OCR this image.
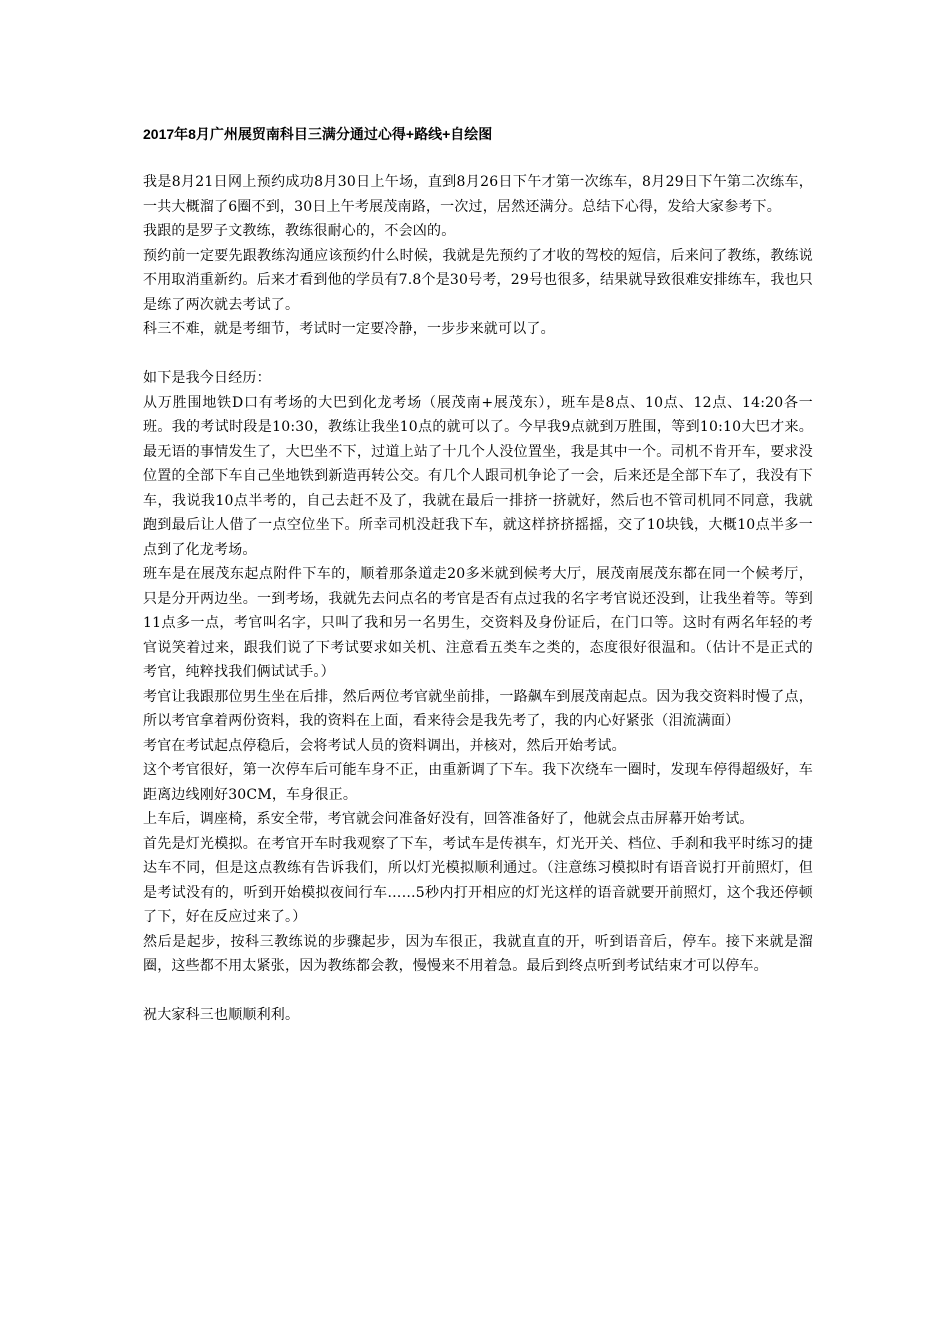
2017年8月广州展贸南科目三满分通过心得+路线+自绘图

我是8月21日网上预约成功8月30日上午场，直到8月26日下午才第一次练车，8月29日下午第二次练车，一共大概溜了6圈不到，30日上午考展茂南路，一次过，居然还满分。总结下心得，发给大家参考下。

我跟的是罗子文教练，教练很耐心的，不会凶的。

预约前一定要先跟教练沟通应该预约什么时候，我就是先预约了才收的驾校的短信，后来问了教练，教练说不用取消重新约。后来才看到他的学员有7.8个是30号考，29号也很多，结果就导致很难安排练车，我也只是练了两次就去考试了。

科三不难，就是考细节，考试时一定要冷静，一步步来就可以了。

如下是我今日经历：

从万胜围地铁D口有考场的大巴到化龙考场（展茂南+展茂东），班车是8点、10点、12点、14:20各一班。我的考试时段是10:30，教练让我坐10点的就可以了。今早我9点就到万胜围，等到10:10大巴才来。最无语的事情发生了，大巴坐不下，过道上站了十几个人没位置坐，我是其中一个。司机不肯开车，要求没位置的全部下车自己坐地铁到新造再转公交。有几个人跟司机争论了一会，后来还是全部下车了，我没有下车，我说我10点半考的，自己去赶不及了，我就在最后一排挤一挤就好，然后也不管司机同不同意，我就跑到最后让人借了一点空位坐下。所幸司机没赶我下车，就这样挤挤摇摇，交了10块钱，大概10点半多一点到了化龙考场。

班车是在展茂东起点附件下车的，顺着那条道走20多米就到候考大厅，展茂南展茂东都在同一个候考厅，只是分开两边坐。一到考场，我就先去问点名的考官是否有点过我的名字考官说还没到，让我坐着等。等到11点多一点，考官叫名字，只叫了我和另一名男生，交资料及身份证后，在门口等。这时有两名年轻的考官说笑着过来，跟我们说了下考试要求如关机、注意看五类车之类的，态度很好很温和。（估计不是正式的考官，纯粹找我们俩试试手。）

考官让我跟那位男生坐在后排，然后两位考官就坐前排，一路飙车到展茂南起点。因为我交资料时慢了点，所以考官拿着两份资料，我的资料在上面，看来待会是我先考了，我的内心好紧张（泪流满面）

考官在考试起点停稳后，会将考试人员的资料调出，并核对，然后开始考试。

这个考官很好，第一次停车后可能车身不正，由重新调了下车。我下次绕车一圈时，发现车停得超级好，车距离边线刚好30CM，车身很正。

上车后，调座椅，系安全带，考官就会问准备好没有，回答准备好了，他就会点击屏幕开始考试。

首先是灯光模拟。在考官开车时我观察了下车，考试车是传祺车，灯光开关、档位、手刹和我平时练习的捷达车不同，但是这点教练有告诉我们，所以灯光模拟顺利通过。（注意练习模拟时有语音说打开前照灯，但是考试没有的，听到开始模拟夜间行车……5秒内打开相应的灯光这样的语音就要开前照灯，这个我还停顿了下，好在反应过来了。）

然后是起步，按科三教练说的步骤起步，因为车很正，我就直直的开，听到语音后，停车。接下来就是溜圈，这些都不用太紧张，因为教练都会教，慢慢来不用着急。最后到终点听到考试结束才可以停车。

祝大家科三也顺顺利利。
